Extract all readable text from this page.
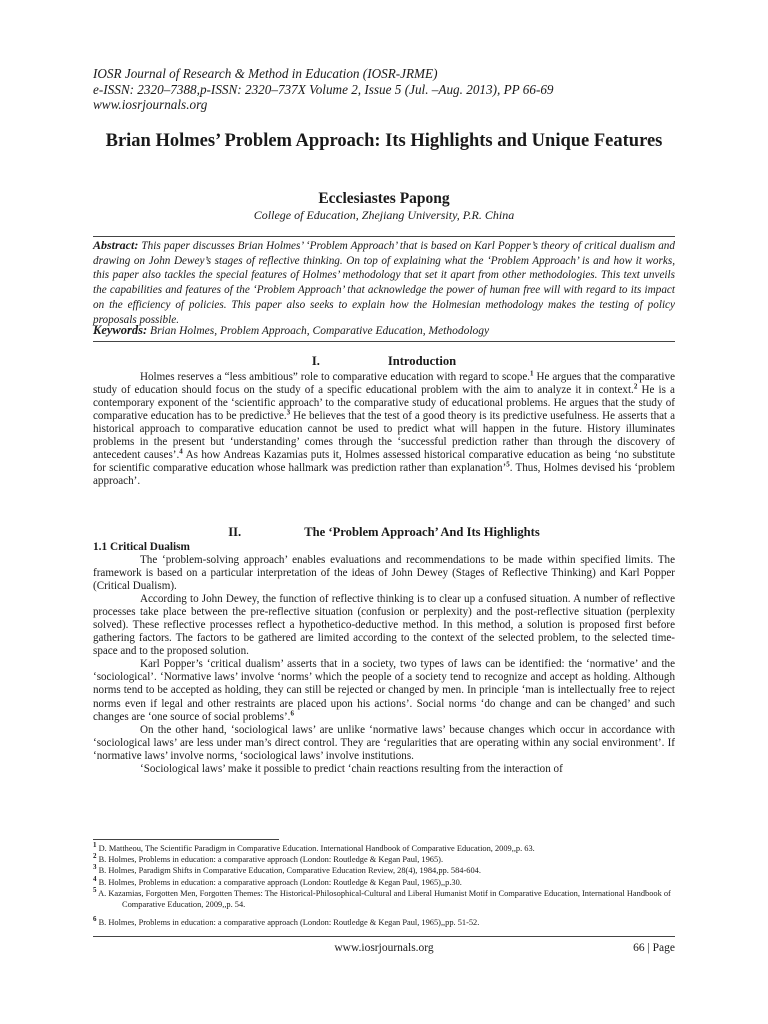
IOSR Journal of Research & Method in Education (IOSR-JRME)
e-ISSN: 2320–7388,p-ISSN: 2320–737X Volume 2, Issue 5 (Jul. –Aug. 2013), PP 66-69
www.iosrjournals.org
Brian Holmes’ Problem Approach: Its Highlights and Unique Features
Ecclesiastes Papong
College of Education, Zhejiang University, P.R. China
Abstract: This paper discusses Brian Holmes’ ‘Problem Approach’ that is based on Karl Popper’s theory of critical dualism and drawing on John Dewey’s stages of reflective thinking. On top of explaining what the ‘Problem Approach’ is and how it works, this paper also tackles the special features of Holmes’ methodology that set it apart from other methodologies. This text unveils the capabilities and features of the ‘Problem Approach’ that acknowledge the power of human free will with regard to its impact on the efficiency of policies. This paper also seeks to explain how the Holmesian methodology makes the testing of policy proposals possible.
Keywords: Brian Holmes, Problem Approach, Comparative Education, Methodology
I.	Introduction

Holmes reserves a “less ambitious” role to comparative education with regard to scope.$^1$ He argues that the comparative study of education should focus on the study of a specific educational problem with the aim to analyze it in context.$^2$ He is a contemporary exponent of the ‘scientific approach’ to the comparative study of educational problems. He argues that the study of comparative education has to be predictive.$^3$ He believes that the test of a good theory is its predictive usefulness. He asserts that a historical approach to comparative education cannot be used to predict what will happen in the future. History illuminates problems in the present but ‘understanding’ comes through the ‘successful prediction rather than through the discovery of antecedent causes’.$^4$ As how Andreas Kazamias puts it, Holmes assessed historical comparative education as being ‘no substitute for scientific comparative education whose hallmark was prediction rather than explanation’$^5$. Thus, Holmes devised his ‘problem approach’.

II.	The ‘Problem Approach’ And Its Highlights
1.1 Critical Dualism

The ‘problem-solving approach’ enables evaluations and recommendations to be made within specified limits. The framework is based on a particular interpretation of the ideas of John Dewey (Stages of Reflective Thinking) and Karl Popper (Critical Dualism).

According to John Dewey, the function of reflective thinking is to clear up a confused situation. A number of reflective processes take place between the pre-reflective situation (confusion or perplexity) and the post-reflective situation (perplexity solved). These reflective processes reflect a hypothetico-deductive method. In this method, a solution is proposed first before gathering factors. The factors to be gathered are limited according to the context of the selected problem, to the selected time-space and to the proposed solution.

Karl Popper’s ‘critical dualism’ asserts that in a society, two types of laws can be identified: the ‘normative’ and the ‘sociological’. ‘Normative laws’ involve ‘norms’ which the people of a society tend to recognize and accept as holding. Although norms tend to be accepted as holding, they can still be rejected or changed by men. In principle ‘man is intellectually free to reject norms even if legal and other restraints are placed upon his actions’. Social norms ‘do change and can be changed’ and such changes are ‘one source of social problems’.$^6$

On the other hand, ‘sociological laws’ are unlike ‘normative laws’ because changes which occur in accordance with ‘sociological laws’ are less under man’s direct control. They are ‘regularities that are operating within any social environment’. If ‘normative laws’ involve norms, ‘sociological laws’ involve institutions.

‘Sociological laws’ make it possible to predict ‘chain reactions resulting from the interaction of

$^1$ D. Mattheou, The Scientific Paradigm in Comparative Education. International Handbook of Comparative Education, 2009,,p. 63.
$^2$ B. Holmes, Problems in education: a comparative approach (London: Routledge & Kegan Paul, 1965).
$^3$ B. Holmes, Paradigm Shifts in Comparative Education, Comparative Education Review, 28(4), 1984,pp. 584-604.
$^4$ B. Holmes, Problems in education: a comparative approach (London: Routledge & Kegan Paul, 1965),,p.30.
$^5$ A. Kazamias, Forgotten Men, Forgotten Themes: The Historical-Philosophical-Cultural and Liberal Humanist Motif in Comparative Education, International Handbook of Comparative Education, 2009,,p. 54.
$^6$ B. Holmes, Problems in education: a comparative approach (London: Routledge & Kegan Paul, 1965),,pp. 51-52.
www.iosrjournals.org	66 | Page
